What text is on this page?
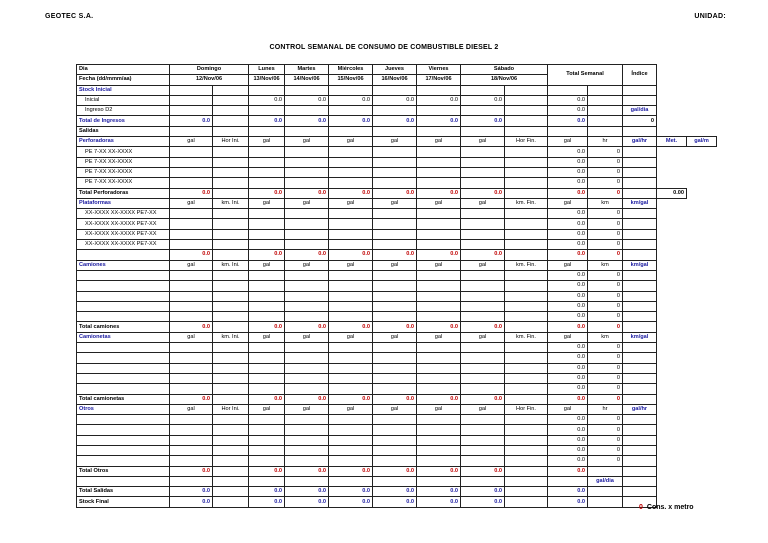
GEOTEC S.A.	UNIDAD:
CONTROL SEMANAL DE CONSUMO DE COMBUSTIBLE DIESEL 2
Dia	Domingo		Lunes	Martes	Miércoles	Jueves	Viernes	Sábado		Total Semanal		Índice		
Fecha (dd/mmm/aa)	12/Nov/06		13/Nov/06	14/Nov/06	15/Nov/06	16/Nov/06	17/Nov/06	18/Nov/06						
Stock Inicial														
Inicial			0.0	0.0	0.0	0.0	0.0	0.0		0.0				
Ingreso D2										0.0		gal/dia		
Total de Ingresos	0.0		0.0	0.0	0.0	0.0	0.0	0.0		0.0		0		
Salidas														
Perforadoras	gal	Hor Ini.	gal	gal	gal	gal	gal	gal	Hor Fin.	gal	hr	gal/hr	Met.	gal/m
PE 7-XX XX-XXXX										0.0	0			
PE 7-XX XX-XXXX										0.0	0			
PE 7-XX XX-XXXX										0.0	0			
PE 7-XX XX-XXXX										0.0	0			
Total Perforadoras	0.0		0.0	0.0	0.0	0.0	0.0	0.0		0.0	0		0.00	
Plataformas	gal	km. Ini.	gal	gal	gal	gal	gal	gal	km. Fin.	gal	km	km/gal		
XX-XXXX XX-XXXX PE7-XX										0.0	0			
XX-XXXX XX-XXXX PE7-XX										0.0	0			
XX-XXXX XX-XXXX PE7-XX										0.0	0			
XX-XXXX XX-XXXX PE7-XX										0.0	0			
	0.0		0.0	0.0	0.0	0.0	0.0	0.0		0.0	0			
Camiones	gal	km. Ini.	gal	gal	gal	gal	gal	gal	km. Fin.	gal	km	km/gal		
										0.0	0			
										0.0	0			
										0.0	0			
										0.0	0			
										0.0	0			
Total camiones	0.0		0.0	0.0	0.0	0.0	0.0	0.0		0.0	0			
Camionetas	gal	km. Ini.	gal	gal	gal	gal	gal	gal	km. Fin.	gal	km	km/gal		
										0.0	0			
										0.0	0			
										0.0	0			
										0.0	0			
										0.0	0			
Total camionetas	0.0		0.0	0.0	0.0	0.0	0.0	0.0		0.0	0			
Otros	gal	Hor Ini.	gal	gal	gal	gal	gal	gal	Hor Fin.	gal	hr	gal/hr		
										0.0	0			
										0.0	0			
										0.0	0			
										0.0	0			
										0.0	0			
Total Otros	0.0		0.0	0.0	0.0	0.0	0.0	0.0		0.0				
											gal/dia			
Total Salidas	0.0		0.0	0.0	0.0	0.0	0.0	0.0		0.0				
Stock Final	0.0		0.0	0.0	0.0	0.0	0.0	0.0		0.0				
0 Cons. x metro
